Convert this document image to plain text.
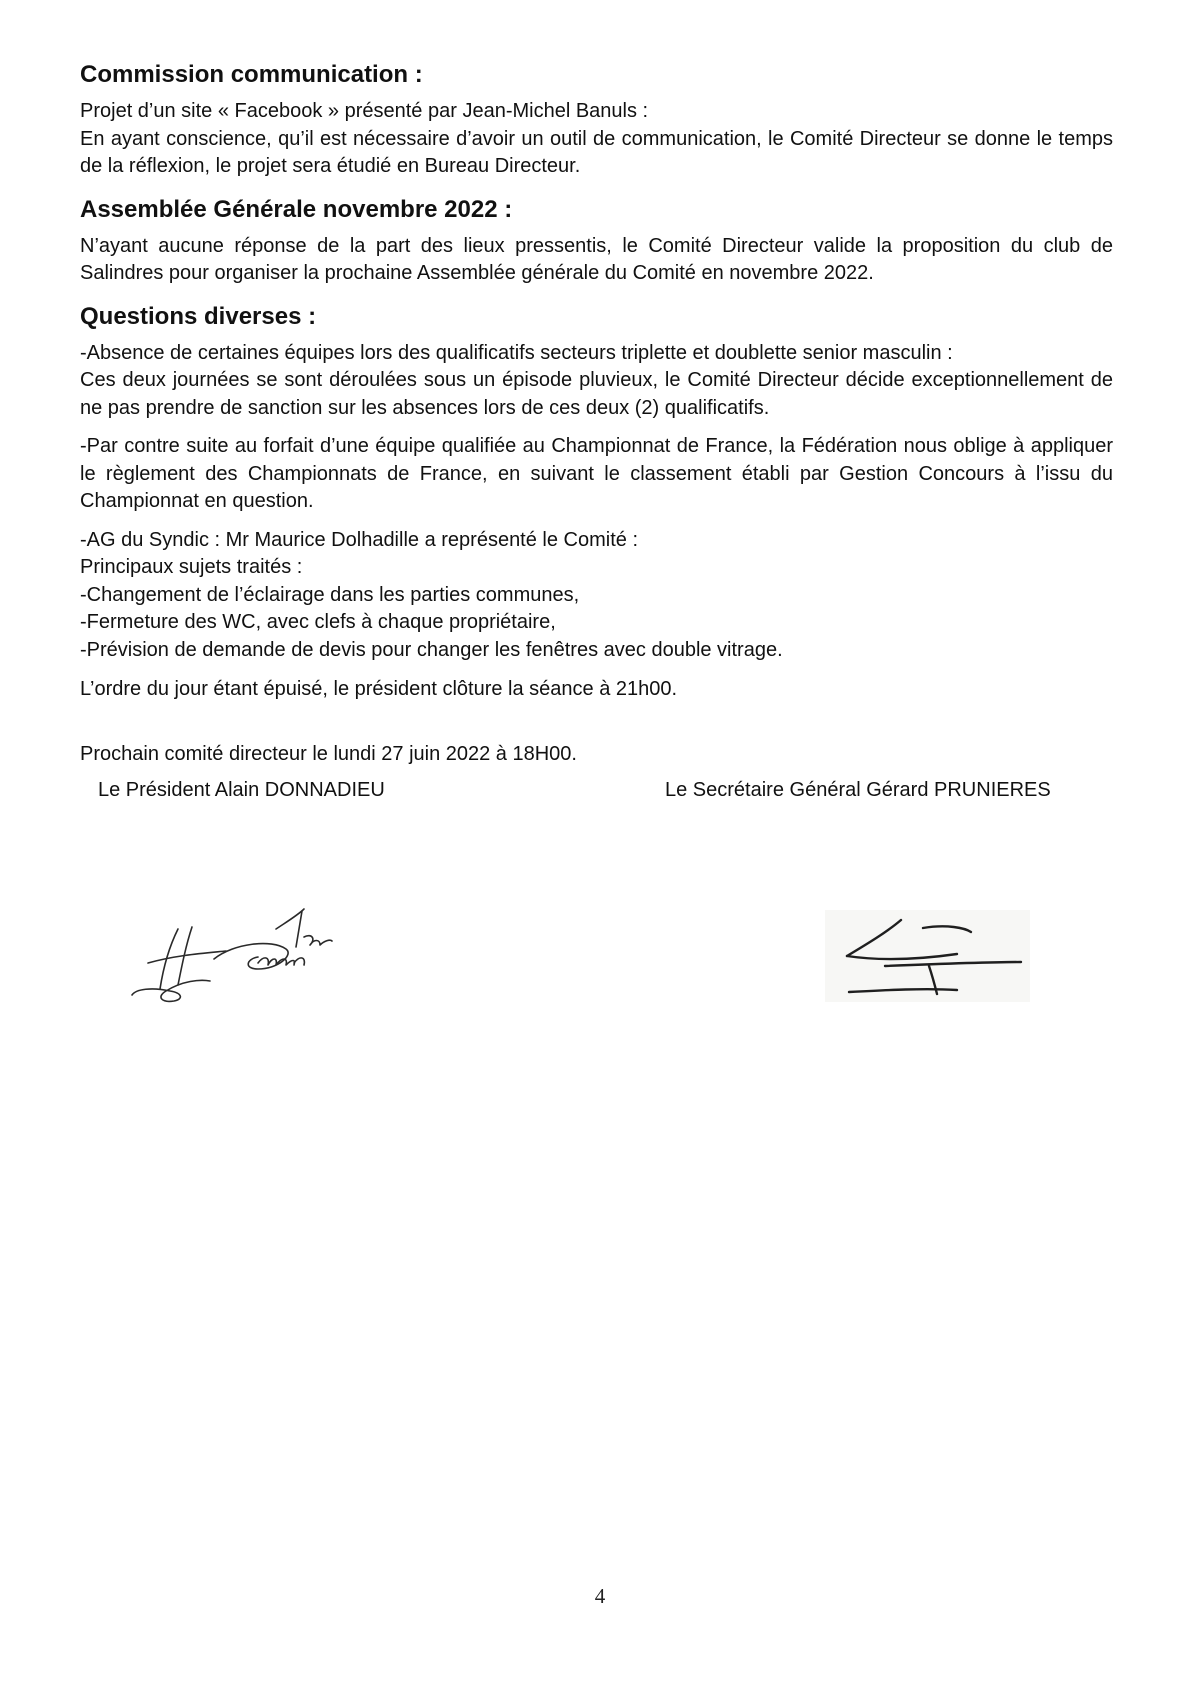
Commission communication :

Projet d’un site « Facebook » présenté par Jean-Michel Banuls :
En ayant conscience, qu’il est nécessaire d’avoir un outil de communication, le Comité Directeur se donne le temps de la réflexion, le projet sera étudié en Bureau Directeur.

Assemblée Générale novembre 2022 :

N’ayant aucune réponse de la part des lieux pressentis, le Comité Directeur valide la proposition du club de Salindres pour organiser la prochaine Assemblée générale du Comité en novembre 2022.

Questions diverses :

-Absence de certaines équipes lors des qualificatifs secteurs triplette et doublette senior masculin :
Ces deux journées se sont déroulées sous un épisode pluvieux, le Comité Directeur décide exceptionnellement de ne pas prendre de sanction sur les absences lors de ces deux (2) qualificatifs.

-Par contre suite au forfait d’une équipe qualifiée au Championnat de France, la Fédération nous oblige à appliquer le règlement des Championnats de France, en suivant le classement établi par Gestion Concours à l’issu du Championnat en question.

-AG du Syndic : Mr Maurice Dolhadille a représenté le Comité :
Principaux sujets traités :
-Changement de l’éclairage dans les parties communes,
-Fermeture des WC, avec clefs à chaque propriétaire,
-Prévision de demande de devis pour changer les fenêtres avec double vitrage.

L’ordre du jour étant épuisé, le président clôture la séance à 21h00.

Prochain comité directeur le lundi 27 juin 2022 à 18H00.

Le Président Alain DONNADIEU	Le Secrétaire Général Gérard PRUNIERES
4
